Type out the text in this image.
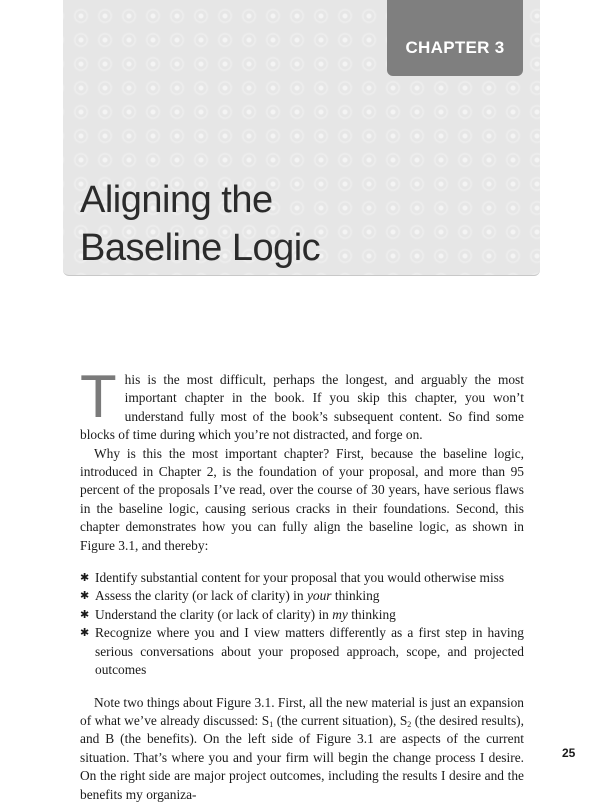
CHAPTER 3
Aligning the
Baseline Logic

This is the most difficult, perhaps the longest, and arguably the most important chapter in the book. If you skip this chapter, you won’t understand fully most of the book’s subsequent content. So find some blocks of time during which you’re not distracted, and forge on.

Why is this the most important chapter? First, because the baseline logic, introduced in Chapter 2, is the foundation of your proposal, and more than 95 percent of the proposals I’ve read, over the course of 30 years, have serious flaws in the baseline logic, causing serious cracks in their foundations. Second, this chapter demonstrates how you can fully align the baseline logic, as shown in Figure 3.1, and thereby:

✱ Identify substantial content for your proposal that you would otherwise miss
✱ Assess the clarity (or lack of clarity) in your thinking
✱ Understand the clarity (or lack of clarity) in my thinking
✱ Recognize where you and I view matters differently as a first step in having serious conversations about your proposed approach, scope, and projected outcomes

Note two things about Figure 3.1. First, all the new material is just an expansion of what we’ve already discussed: $S_1$ (the current situation), $S_2$ (the desired results), and B (the benefits). On the left side of Figure 3.1 are aspects of the current situation. That’s where you and your firm will begin the change process I desire. On the right side are major project outcomes, including the results I desire and the benefits my organiza-

25
